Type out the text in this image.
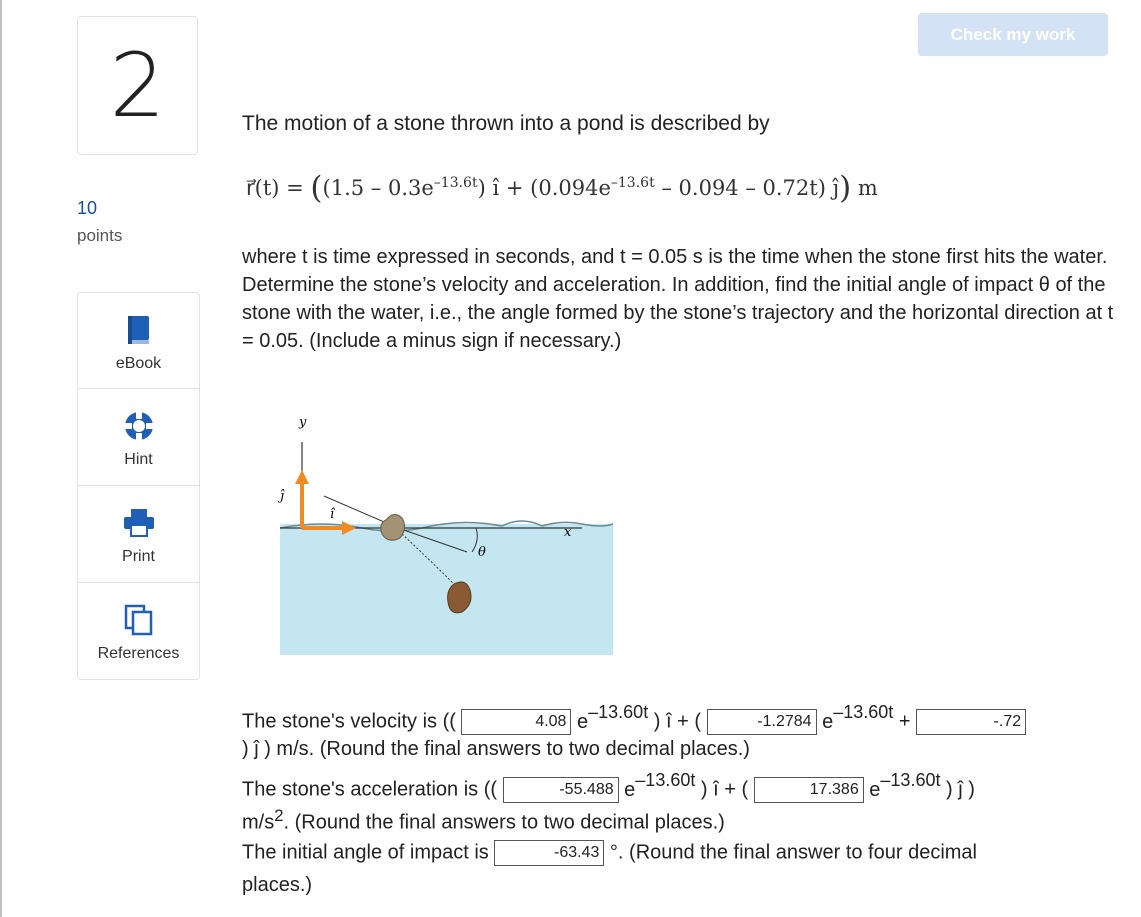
2
10
points
eBook
Hint
Print
References
Check my work
The motion of a stone thrown into a pond is described by
r⃗(t) = ($(1.5 - 0.3e^{-13.6t})$ î + $(0.094e^{-13.6t} - 0.094 - 0.72t)$ ĵ) m
where t is time expressed in seconds, and t = 0.05 s is the time when the stone first hits the water. Determine the stone’s velocity and acceleration. In addition, find the initial angle of impact θ of the stone with the water, i.e., the angle formed by the stone’s trajectory and the horizontal direction at t = 0.05. (Include a minus sign if necessary.)
y
x
ĵ
î
θ
The stone's velocity is ((	4.08 $e^{-13.60t}$ ) î + (	-1.2784 $e^{-13.60t}$ +	-.72
) ĵ ) m/s. (Round the final answers to two decimal places.)
The stone's acceleration is ((	-55.488 $e^{-13.60t}$ ) î + (	17.386 $e^{-13.60t}$ ) ĵ )
$m/s^2$. (Round the final answers to two decimal places.)
The initial angle of impact is	-63.43 °. (Round the final answer to four decimal
places.)
